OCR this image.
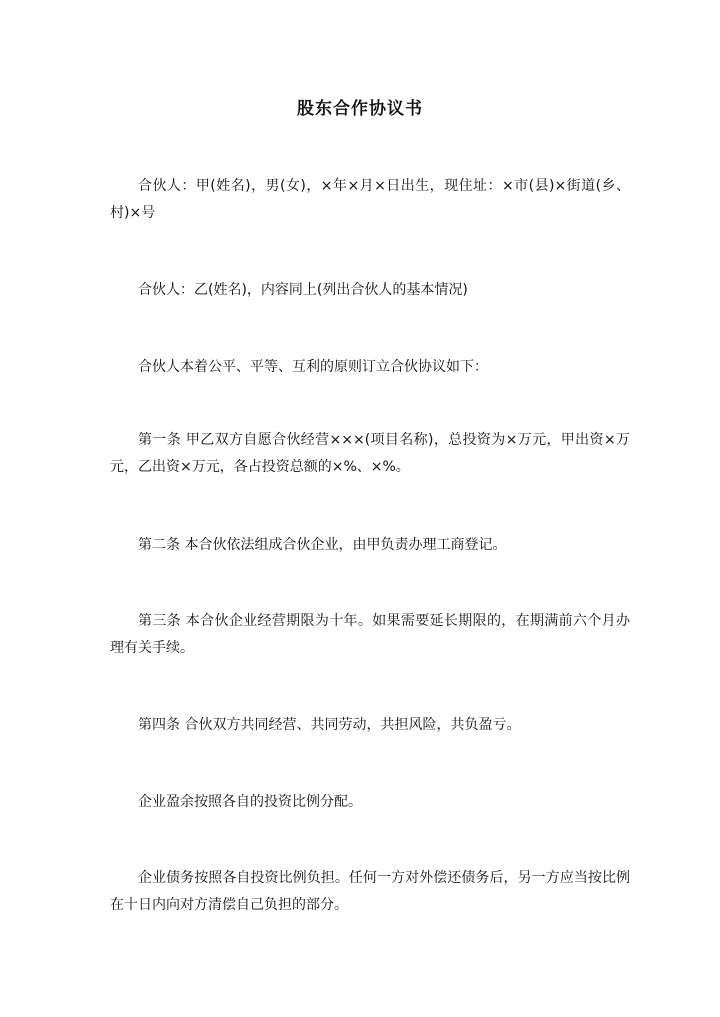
股东合作协议书
合伙人：甲(姓名)，男(女)，×年×月×日出生，现住址：×市(县)×街道(乡、村)×号
合伙人：乙(姓名)，内容同上(列出合伙人的基本情况)
合伙人本着公平、平等、互利的原则订立合伙协议如下：
第一条 甲乙双方自愿合伙经营×××(项目名称)，总投资为×万元，甲出资×万元，乙出资×万元，各占投资总额的×%、×%。
第二条 本合伙依法组成合伙企业，由甲负责办理工商登记。
第三条 本合伙企业经营期限为十年。如果需要延长期限的，在期满前六个月办理有关手续。
第四条 合伙双方共同经营、共同劳动，共担风险，共负盈亏。
企业盈余按照各自的投资比例分配。
企业债务按照各自投资比例负担。任何一方对外偿还债务后，另一方应当按比例在十日内向对方清偿自己负担的部分。
